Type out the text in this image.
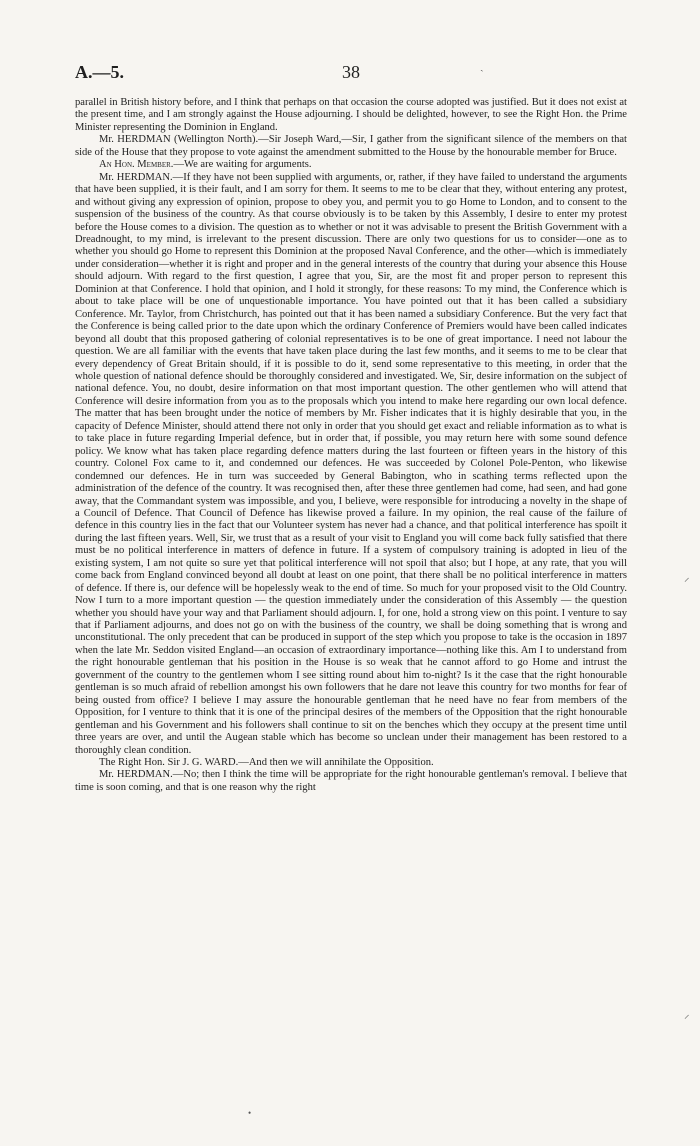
A.—5.	38	ˎ
⸝
⸝

parallel in British history before, and I think that perhaps on that occasion the course adopted was justified. But it does not exist at the present time, and I am strongly against the House adjourning. I should be delighted, however, to see the Right Hon. the Prime Minister representing the Dominion in England.

Mr. HERDMAN (Wellington North).—Sir Joseph Ward,—Sir, I gather from the significant silence of the members on that side of the House that they propose to vote against the amendment submitted to the House by the honourable member for Bruce.

An Hon. Member.—We are waiting for arguments.

Mr. HERDMAN.—If they have not been supplied with arguments, or, rather, if they have failed to understand the arguments that have been supplied, it is their fault, and I am sorry for them. It seems to me to be clear that they, without entering any protest, and without giving any expression of opinion, propose to obey you, and permit you to go Home to London, and to consent to the suspension of the business of the country. As that course obviously is to be taken by this Assembly, I desire to enter my protest before the House comes to a division. The question as to whether or not it was advisable to present the British Government with a Dreadnought, to my mind, is irrelevant to the present discussion. There are only two questions for us to consider—one as to whether you should go Home to represent this Dominion at the proposed Naval Conference, and the other—which is immediately under consideration—whether it is right and proper and in the general interests of the country that during your absence this House should adjourn. With regard to the first question, I agree that you, Sir, are the most fit and proper person to represent this Dominion at that Conference. I hold that opinion, and I hold it strongly, for these reasons: To my mind, the Conference which is about to take place will be one of unquestionable importance. You have pointed out that it has been called a subsidiary Conference. Mr. Taylor, from Christchurch, has pointed out that it has been named a subsidiary Conference. But the very fact that the Conference is being called prior to the date upon which the ordinary Conference of Premiers would have been called indicates beyond all doubt that this proposed gathering of colonial representatives is to be one of great importance. I need not labour the question. We are all familiar with the events that have taken place during the last few months, and it seems to me to be clear that every dependency of Great Britain should, if it is possible to do it, send some representative to this meeting, in order that the whole question of national defence should be thoroughly considered and investigated. We, Sir, desire information on the subject of national defence. You, no doubt, desire information on that most important question. The other gentlemen who will attend that Conference will desire information from you as to the proposals which you intend to make here regarding our own local defence. The matter that has been brought under the notice of members by Mr. Fisher indicates that it is highly desirable that you, in the capacity of Defence Minister, should attend there not only in order that you should get exact and reliable information as to what is to take place in future regarding Imperial defence, but in order that, if possible, you may return here with some sound defence policy. We know what has taken place regarding defence matters during the last fourteen or fifteen years in the history of this country. Colonel Fox came to it, and condemned our defences. He was succeeded by Colonel Pole-Penton, who likewise condemned our defences. He in turn was succeeded by General Babington, who in scathing terms reflected upon the administration of the defence of the country. It was recognised then, after these three gentlemen had come, had seen, and had gone away, that the Commandant system was impossible, and you, I believe, were responsible for introducing a novelty in the shape of a Council of Defence. That Council of Defence has likewise proved a failure. In my opinion, the real cause of the failure of defence in this country lies in the fact that our Volunteer system has never had a chance, and that political interference has spoilt it during the last fifteen years. Well, Sir, we trust that as a result of your visit to England you will come back fully satisfied that there must be no political interference in matters of defence in future. If a system of compulsory training is adopted in lieu of the existing system, I am not quite so sure yet that political interference will not spoil that also; but I hope, at any rate, that you will come back from England convinced beyond all doubt at least on one point, that there shall be no political interference in matters of defence. If there is, our defence will be hopelessly weak to the end of time. So much for your proposed visit to the Old Country. Now I turn to a more important question — the question immediately under the consideration of this Assembly — the question whether you should have your way and that Parliament should adjourn. I, for one, hold a strong view on this point. I venture to say that if Parliament adjourns, and does not go on with the business of the country, we shall be doing something that is wrong and unconstitutional. The only precedent that can be produced in support of the step which you propose to take is the occasion in 1897 when the late Mr. Seddon visited England—an occasion of extraordinary importance—nothing like this. Am I to understand from the right honourable gentleman that his position in the House is so weak that he cannot afford to go Home and intrust the government of the country to the gentlemen whom I see sitting round about him to-night? Is it the case that the right honourable gentleman is so much afraid of rebellion amongst his own followers that he dare not leave this country for two months for fear of being ousted from office? I believe I may assure the honourable gentleman that he need have no fear from members of the Opposition, for I venture to think that it is one of the principal desires of the members of the Opposition that the right honourable gentleman and his Government and his followers shall continue to sit on the benches which they occupy at the present time until three years are over, and until the Augean stable which has become so unclean under their management has been restored to a thoroughly clean condition.

The Right Hon. Sir J. G. WARD.—And then we will annihilate the Opposition.

Mr. HERDMAN.—No; then I think the time will be appropriate for the right honourable gentleman's removal. I believe that time is soon coming, and that is one reason why the right

•
